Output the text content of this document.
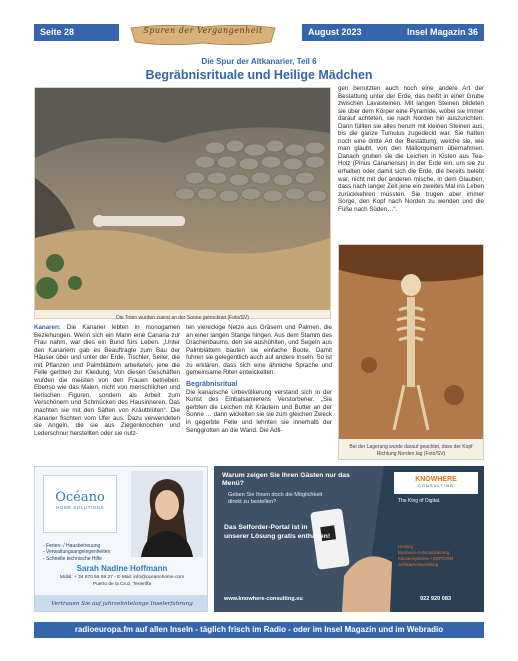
Seite 28	Spuren der Vergangenheit	August 2023	Insel Magazin 36
Die Spur der Altkanarier, Teil 6
Begräbnisrituale und Heilige Mädchen
Die Toten wurden zuerst an der Sonne getrocknet (Foto/SV)
gen benutzten auch noch eine andere Art der Bestattung unter der Erde, das heißt in einer Grube zwischen Lavasteinen. Mit langen Steinen bildeten sie über dem Körper eine Pyramide, wobei sie immer darauf achteten, sie nach Norden hin auszurichten. Dann füllten sie alles herum mit kleinen Steinen aus, bis die ganze Tumulus zugedeckt war. Sie hatten noch eine dritte Art der Bestattung, welche sie, wie man glaubt, von den Mallorquinern übernahmen. Danach gruben sie die Leichen in Kisten aus Tea-Holz (Pinus Canariensis) in der Erde ein, um sie zu erhalten oder damit sich die Erde, die bereits belebt war, nicht mit der anderen mische, in dem Glauben, dass nach langer Zeit jene ein zweites Mal ins Leben zurückkehren müssten. Sie trugen aber immer Sorge, den Kopf nach Norden zu wenden und die Füße nach Süden…“.
Bei der Lagerung wurde darauf geachtet, dass der Kopf Richtung Norden lag (Foto/SV)
Kanaren: Die Kanarier lebten in monogamen Beziehungen. Wenn sich ein Mann eine Canaria zur Frau nahm, war dies ein Bund fürs Leben. „Unter den Kanariern gab es Beauftragte zum Bau der Häuser über und unter der Erde, Tischler, Seiler, die mit Pflanzen und Palmblättern arbeiteten, jene die Felle gerbten zur Kleidung. Von diesen Geschäften wurden die meisten von den Frauen betrieben. Ebenso wie das Malen, nicht von menschlichen und tierischen Figuren, sondern als Arbeit zum Verschönern und Schmücken des Hausinneren. Das machten sie mit den Säften von Kräutblüten“. Die Kanarier fischten vom Ufer aus. Dazu verwendeten sie Angeln, die sie aus Ziegenknochen und Lederschnur herstellten oder sie nutz-
ten viereckige Netze aus Gräsern und Palmen, die an einer langen Stange hingen. Aus dem Stamm des Drachenbaums, den sie aushöhlten, und Segeln aus Palmblättern bauten sie einfache Boote. Damit fuhren sie gelegentlich auch auf andere Inseln. So ist zu erklären, dass sich eine ähnliche Sprache und gemeinsame Riten entwickelten.
Begräbnisritual
Die kanarische Urbevölkerung verstand sich in der Kunst des Einbalsamierens Verstorbener. „Sie gerbten die Leichen mit Kräutern und Butter an der Sonne … dann wickelten sie sie zum gleichen Zweck in gegerbte Felle und lehnten sie innerhalb der Senggrotten an die Wand. Die Adli-
Océano
HOME SOLUTIONS
- Ferien- / Hausbetreuung
- Verwaltungsangelegenheiten
- Schnelle technische Hilfe
Sarah Nadine Hoffmann
Mobil: + 34 670 56 59 27 - E-Mail: info@oceanohome.com
Puerto de la Cruz, Teneriffa
Vertrauen Sie auf jahrzehntelange Inselerfahrung
Warum zeigen Sie Ihren Gästen nur das Menü?
Geben Sie Ihnen doch die Möglichkeit direkt zu bestellen?
Das Selforder-Portal ist in unserer Lösung gratis enthalten!
KNOWHERE
CONSULTING
The King of Digital.
Hosting
Business-Automatisierung
Kassensysteme • ERP/CRM
Softwareentwicklung
www.knowhere-consulting.eu	922 920 083
radioeuropa.fm auf allen Inseln - täglich frisch im Radio - oder im Insel Magazin und im Webradio
